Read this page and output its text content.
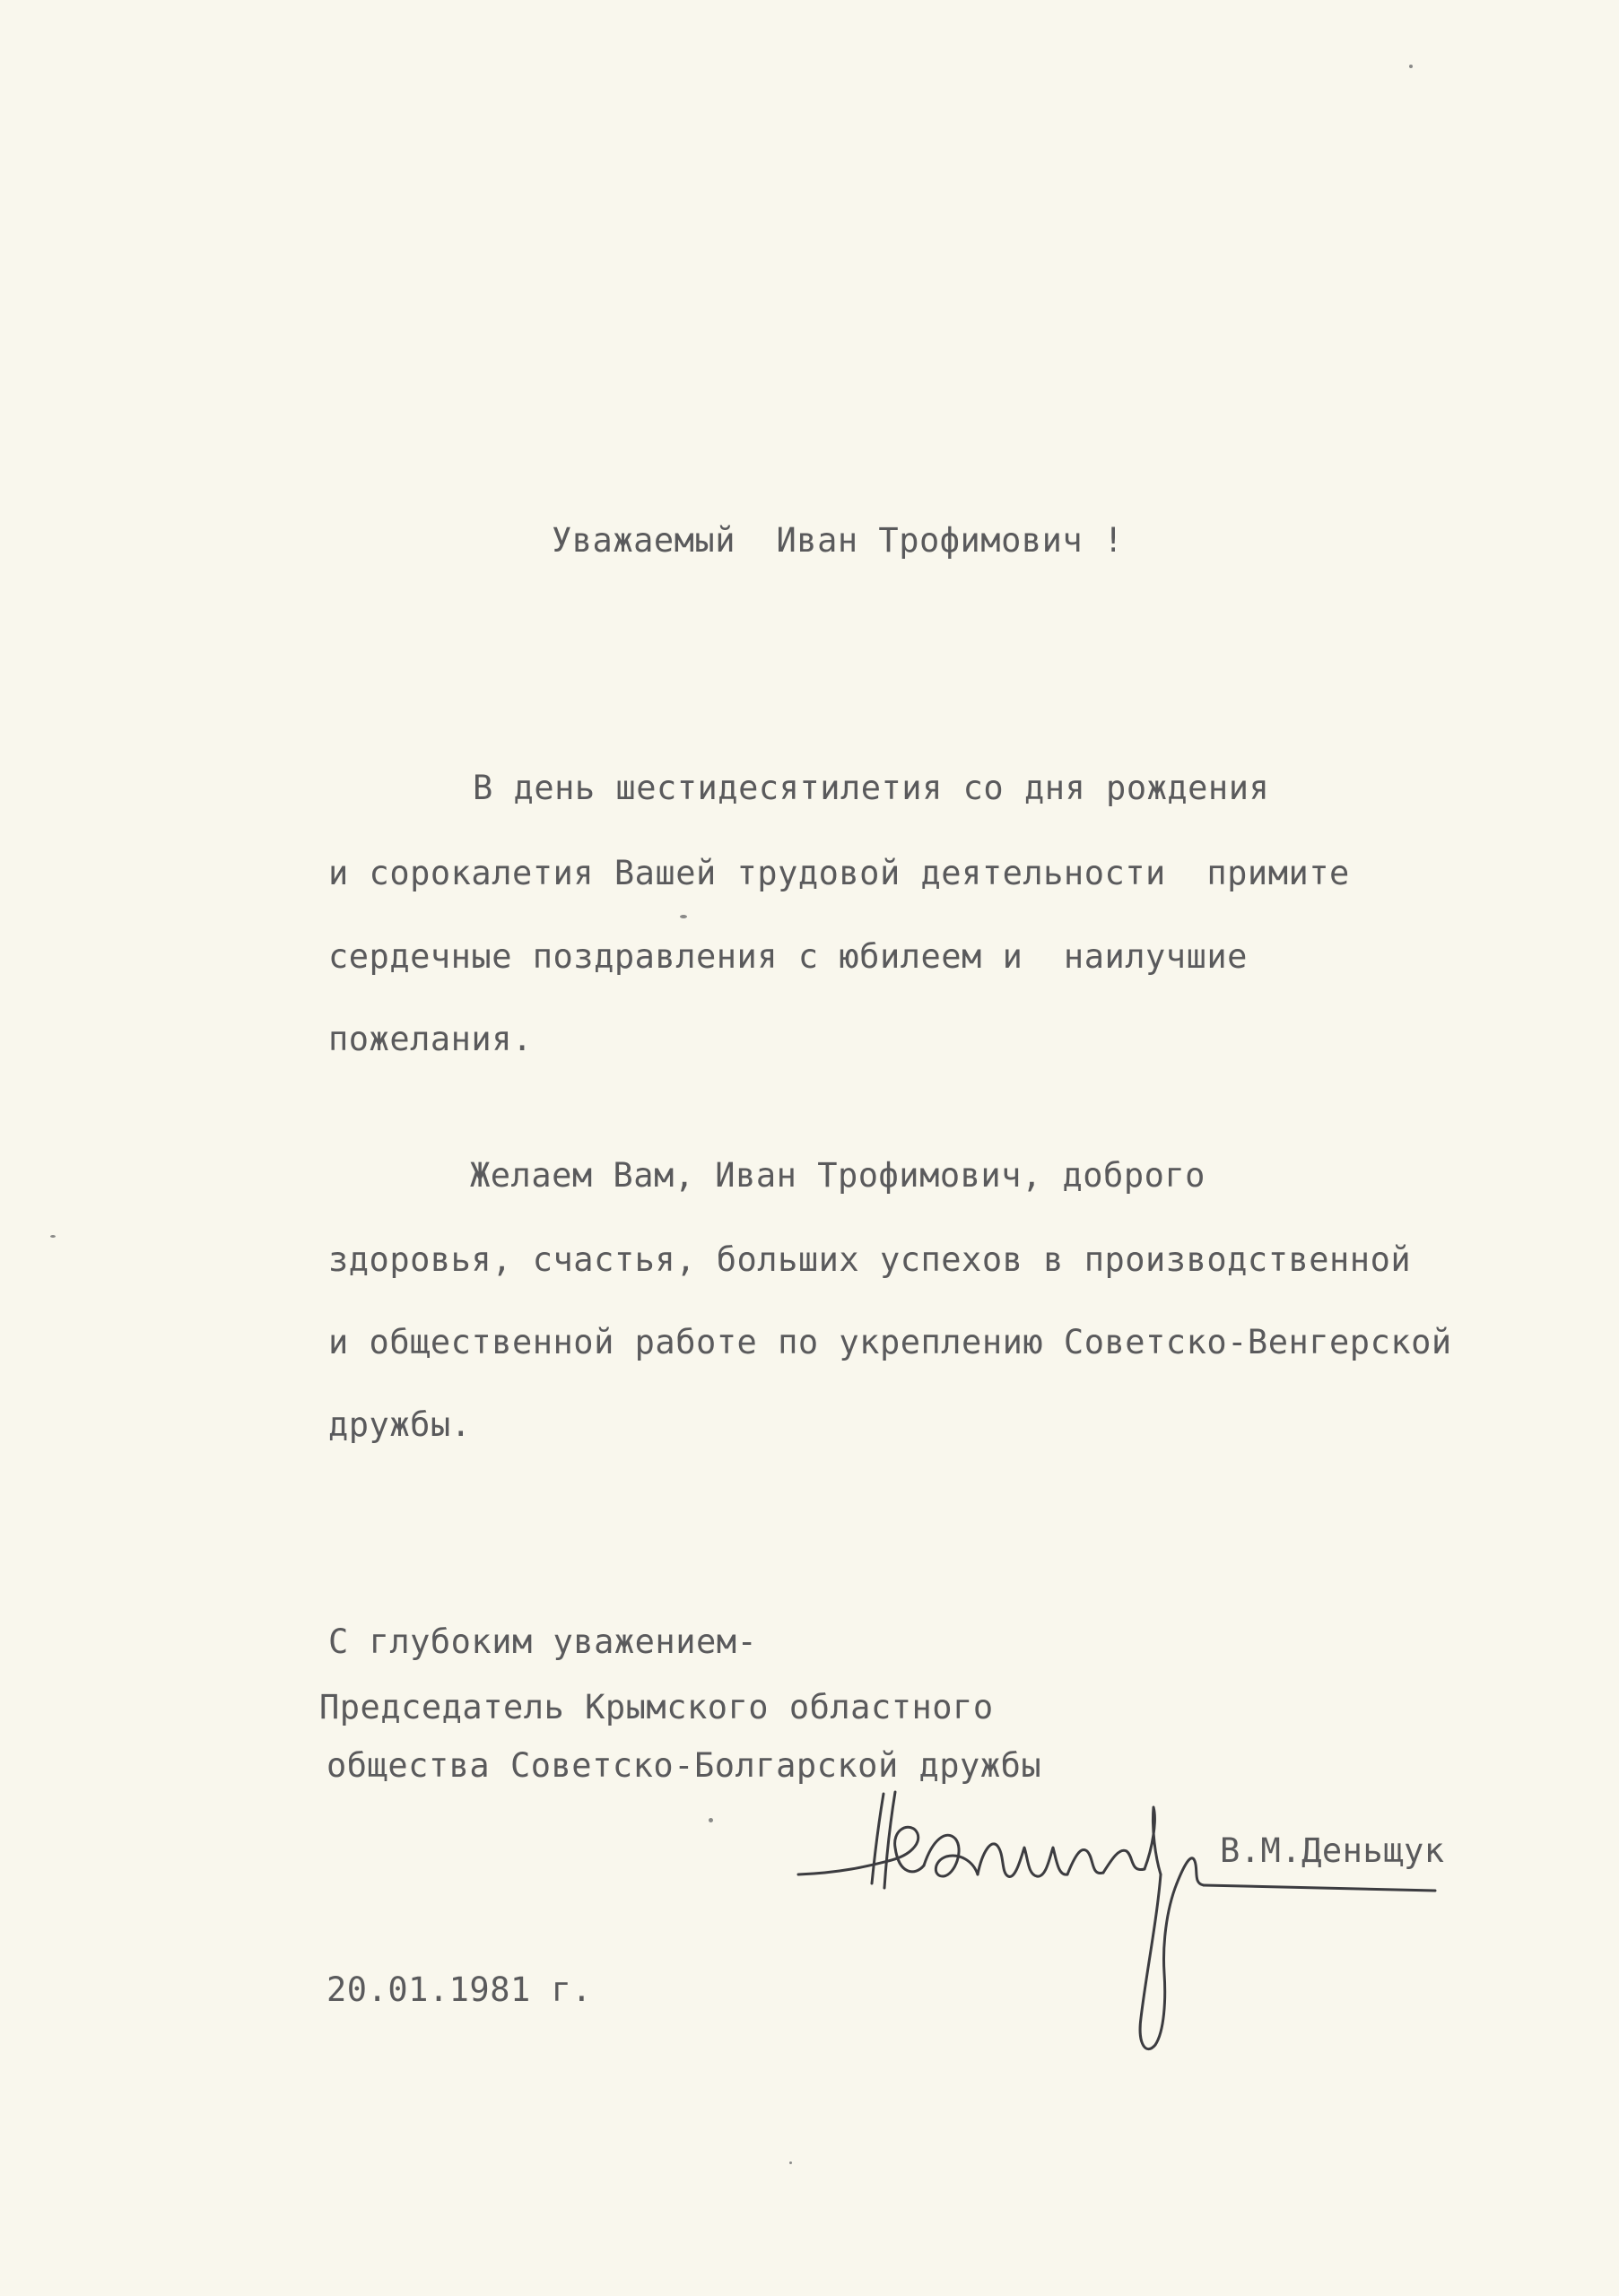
Уважаемый  Иван Трофимович !
В день шестидесятилетия со дня рождения
и сорокалетия Вашей трудовой деятельности  примите
сердечные поздравления с юбилеем и  наилучшие
пожелания.
Желаем Вам, Иван Трофимович, доброго
здоровья, счастья, больших успехов в производственной
и общественной работе по укреплению Советско-Венгерской
дружбы.
С глубоким уважением-
Председатель Крымского областного
общества Советско-Болгарской дружбы
В.М.Деньщук
20.01.1981 г.
